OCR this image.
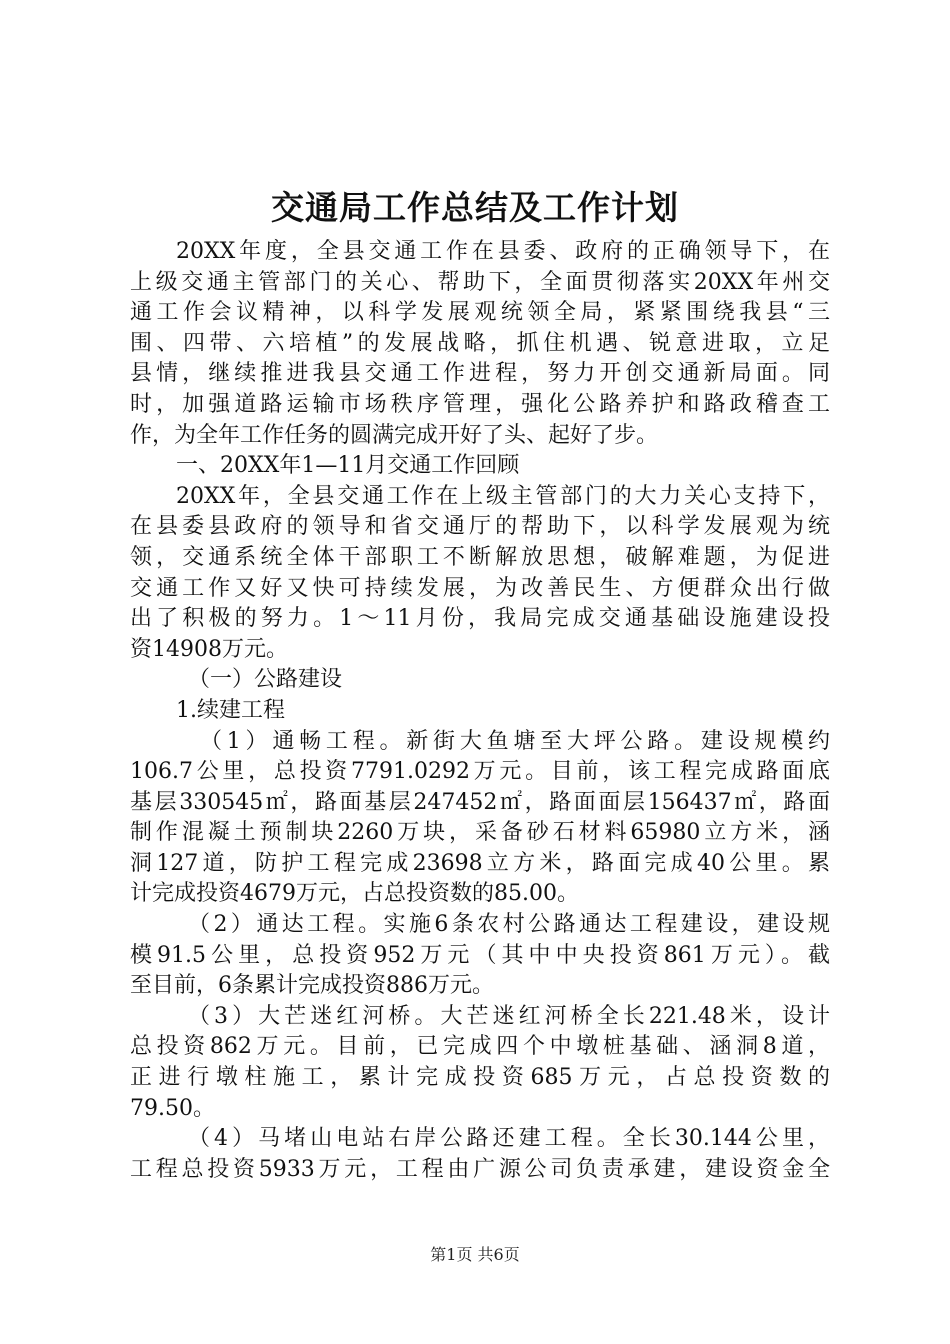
交通局工作总结及工作计划
20XX年度，全县交通工作在县委、政府的正确领导下，在
上级交通主管部门的关心、帮助下，全面贯彻落实20XX年州交
通工作会议精神，以科学发展观统领全局，紧紧围绕我县“三
围、四带、六培植”的发展战略，抓住机遇、锐意进取，立足
县情，继续推进我县交通工作进程，努力开创交通新局面。同
时，加强道路运输市场秩序管理，强化公路养护和路政稽查工
作，为全年工作任务的圆满完成开好了头、起好了步。
一、20XX年1—11月交通工作回顾
20XX年，全县交通工作在上级主管部门的大力关心支持下，
在县委县政府的领导和省交通厅的帮助下，以科学发展观为统
领，交通系统全体干部职工不断解放思想，破解难题，为促进
交通工作又好又快可持续发展，为改善民生、方便群众出行做
出了积极的努力。1～11月份，我局完成交通基础设施建设投
资14908万元。
（一）公路建设
1.续建工程
（1）通畅工程。新街大鱼塘至大坪公路。建设规模约
106.7公里，总投资7791.0292万元。目前，该工程完成路面底
基层330545㎡，路面基层247452㎡，路面面层156437㎡，路面
制作混凝土预制块2260万块，采备砂石材料65980立方米，涵
洞127道，防护工程完成23698立方米，路面完成40公里。累
计完成投资4679万元，占总投资数的85.00。
（2）通达工程。实施6条农村公路通达工程建设，建设规
模91.5公里，总投资952万元（其中中央投资861万元）。截
至目前，6条累计完成投资886万元。
（3）大芒迷红河桥。大芒迷红河桥全长221.48米，设计
总投资862万元。目前，已完成四个中墩桩基础、涵洞8道，
正进行墩柱施工，累计完成投资685万元，占总投资数的
79.50。
（4）马堵山电站右岸公路还建工程。全长30.144公里，
工程总投资5933万元，工程由广源公司负责承建，建设资金全
第1页 共6页
